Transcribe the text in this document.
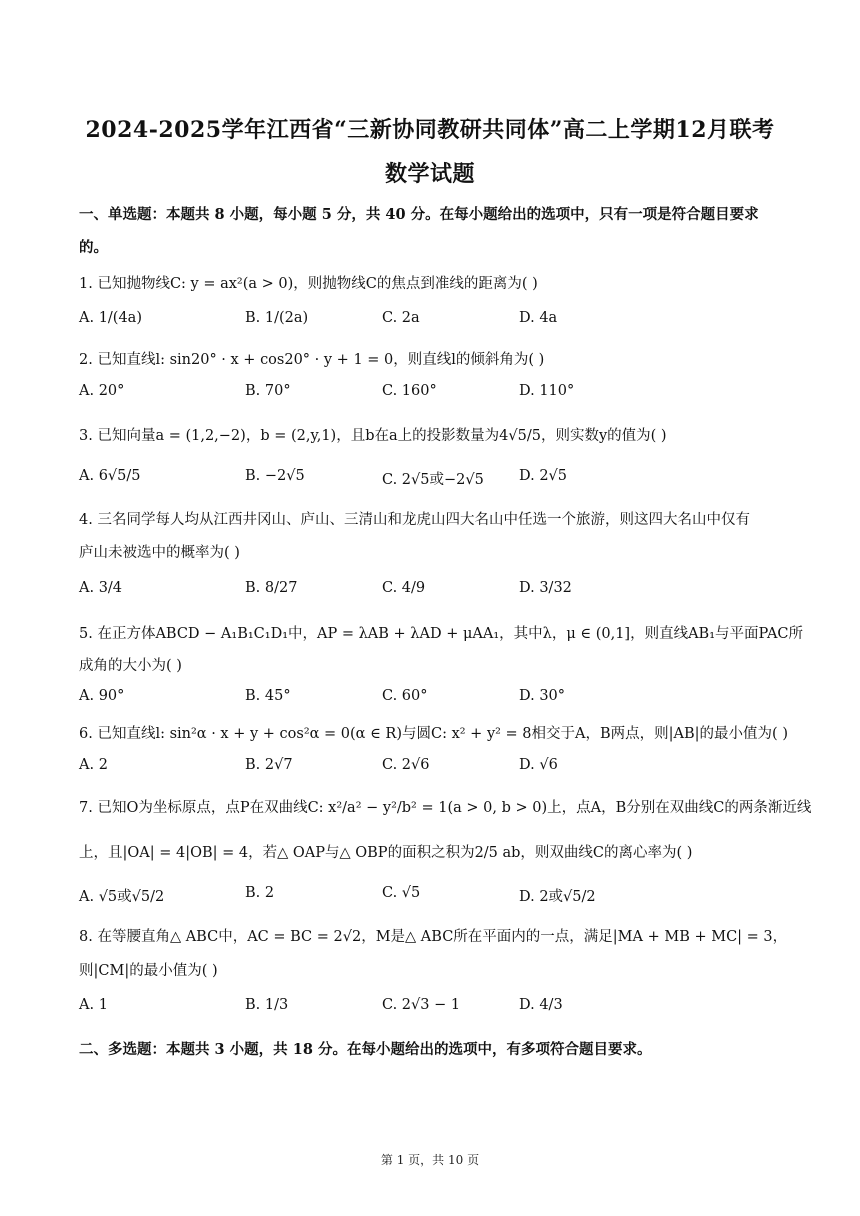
2024-2025学年江西省“三新协同教研共同体”高二上学期12月联考
数学试题
一、单选题：本题共 8 小题，每小题 5 分，共 40 分。在每小题给出的选项中，只有一项是符合题目要求
的。
1. 已知抛物线C: y = ax²(a > 0)，则抛物线C的焦点到准线的距离为( )
A. 1/(4a)	B. 1/(2a)	C. 2a	D. 4a
2. 已知直线l: sin20° · x + cos20° · y + 1 = 0，则直线l的倾斜角为( )
A. 20°	B. 70°	C. 160°	D. 110°
3. 已知向量a = (1,2,−2)，b = (2,y,1)，且b在a上的投影数量为4√5/5，则实数y的值为( )
A. 6√5/5	B. −2√5	C. 2√5或−2√5 D. 2√5
4. 三名同学每人均从江西井冈山、庐山、三清山和龙虎山四大名山中任选一个旅游，则这四大名山中仅有
庐山未被选中的概率为( )
A. 3/4	B. 8/27	C. 4/9	D. 3/32
5. 在正方体ABCD − A₁B₁C₁D₁中，AP = λAB + λAD + μAA₁，其中λ，μ ∈ (0,1]，则直线AB₁与平面PAC所
成角的大小为( )
A. 90°	B. 45°	C. 60°	D. 30°
6. 已知直线l: sin²α · x + y + cos²α = 0(α ∈ R)与圆C: x² + y² = 8相交于A，B两点，则|AB|的最小值为( )
A. 2	B. 2√7	C. 2√6	D. √6
7. 已知O为坐标原点，点P在双曲线C: x²/a² − y²/b² = 1(a > 0, b > 0)上，点A，B分别在双曲线C的两条渐近线
上，且|OA| = 4|OB| = 4，若△ OAP与△ OBP的面积之积为2/5 ab，则双曲线C的离心率为( )
A. √5或√5/2	B. 2	C. √5	D. 2或√5/2
8. 在等腰直角△ ABC中，AC = BC = 2√2，M是△ ABC所在平面内的一点，满足|MA + MB + MC| = 3，
则|CM|的最小值为( )
A. 1	B. 1/3	C. 2√3 − 1	D. 4/3
二、多选题：本题共 3 小题，共 18 分。在每小题给出的选项中，有多项符合题目要求。
第 1 页，共 10 页
